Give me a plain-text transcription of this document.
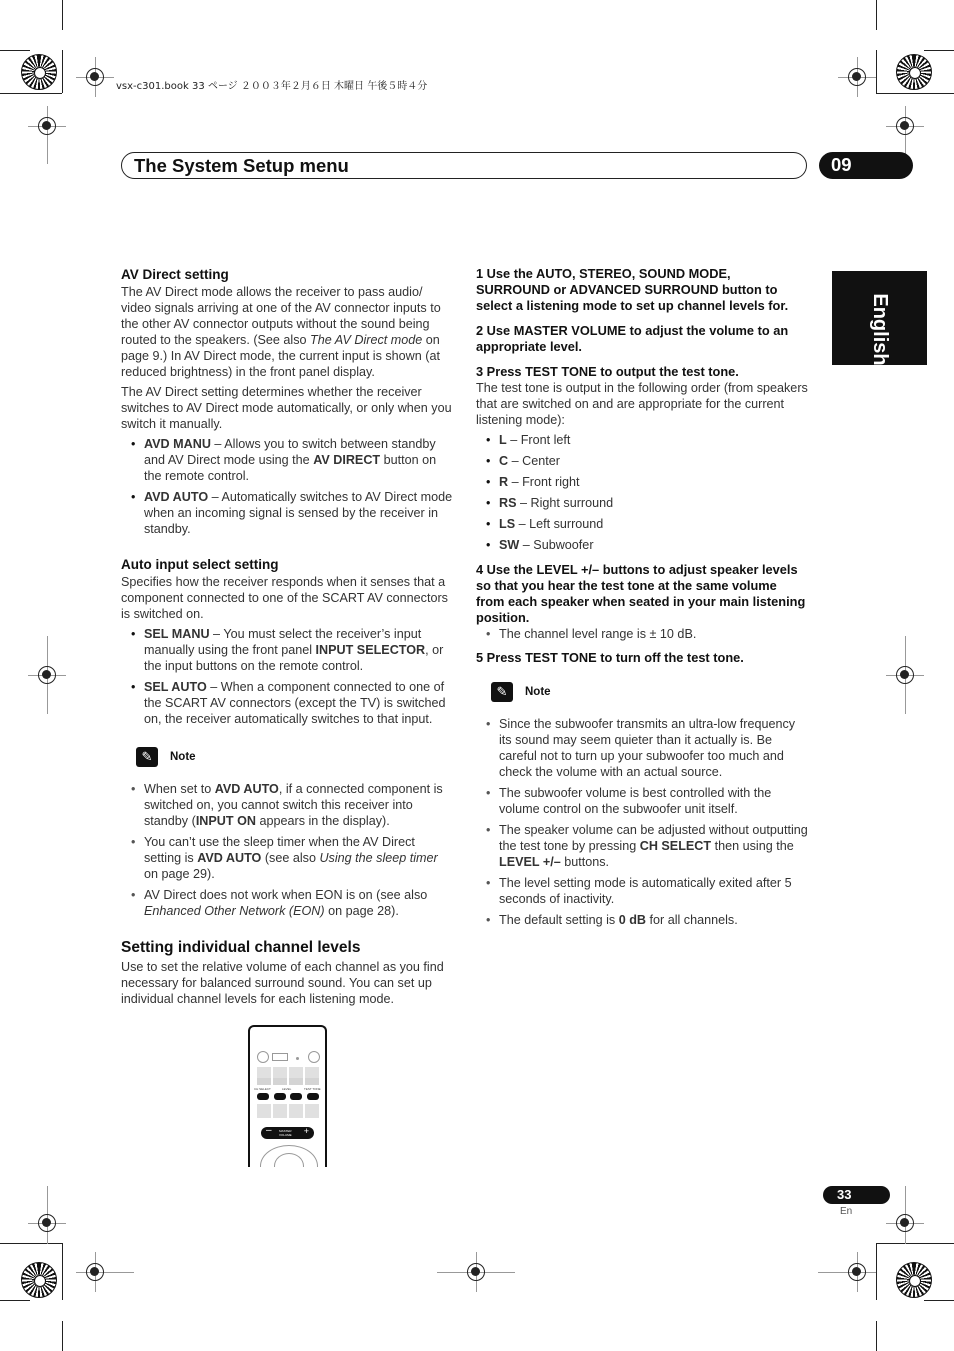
vsx-c301.book 33 ページ ２００３年２月６日 木曜日 午後５時４分
The System Setup menu	09
English
AV Direct setting
The AV Direct mode allows the receiver to pass audio/ video signals arriving at one of the AV connector inputs to the other AV connector outputs without the sound being routed to the speakers. (See also The AV Direct mode on page 9.) In AV Direct mode, the current input is shown (at reduced brightness) in the front panel display.
The AV Direct setting determines whether the receiver switches to AV Direct mode automatically, or only when you switch it manually.
• AVD MANU – Allows you to switch between standby and AV Direct mode using the AV DIRECT button on the remote control.
• AVD AUTO – Automatically switches to AV Direct mode when an incoming signal is sensed by the receiver in standby.
Auto input select setting
Specifies how the receiver responds when it senses that a component connected to one of the SCART AV connectors is switched on.
• SEL MANU – You must select the receiver’s input manually using the front panel INPUT SELECTOR, or the input buttons on the remote control.
• SEL AUTO – When a component connected to one of the SCART AV connectors (except the TV) is switched on, the receiver automatically switches to that input.
✎	Note
• When set to AVD AUTO, if a connected component is switched on, you cannot switch this receiver into standby (INPUT ON appears in the display).
• You can’t use the sleep timer when the AV Direct setting is AVD AUTO (see also Using the sleep timer on page 29).
• AV Direct does not work when EON is on (see also Enhanced Other Network (EON) on page 28).
Setting individual channel levels
Use to set the relative volume of each channel as you find necessary for balanced surround sound. You can set up individual channel levels for each listening mode.
CH SELECT	LEVEL	TEST TONE
–	MASTER
VOLUME +
1 Use the AUTO, STEREO, SOUND MODE, SURROUND or ADVANCED SURROUND button to select a listening mode to set up channel levels for.
2 Use MASTER VOLUME to adjust the volume to an appropriate level.
3 Press TEST TONE to output the test tone.
The test tone is output in the following order (from speakers that are switched on and are appropriate for the current listening mode):
• L – Front left
• C – Center
• R – Front right
• RS – Right surround
• LS – Left surround
• SW – Subwoofer
4 Use the LEVEL +/– buttons to adjust speaker levels so that you hear the test tone at the same volume from each speaker when seated in your main listening position.
• The channel level range is ± 10 dB.
5 Press TEST TONE to turn off the test tone.
✎	Note
• Since the subwoofer transmits an ultra-low frequency its sound may seem quieter than it actually is. Be careful not to turn up your subwoofer too much and check the volume with an actual source.
• The subwoofer volume is best controlled with the volume control on the subwoofer unit itself.
• The speaker volume can be adjusted without outputting the test tone by pressing CH SELECT then using the LEVEL +/– buttons.
• The level setting mode is automatically exited after 5 seconds of inactivity.
• The default setting is 0 dB for all channels.
33
En
